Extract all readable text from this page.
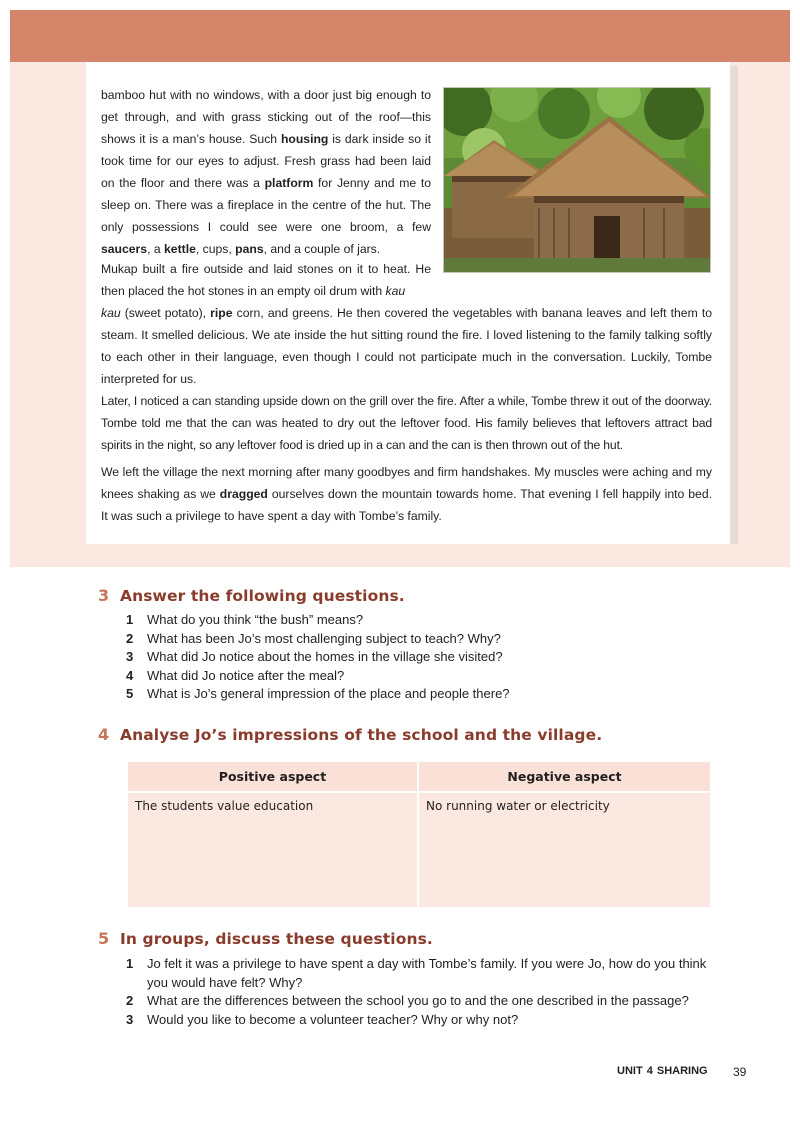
bamboo hut with no windows, with a door just big enough to get through, and with grass sticking out of the roof—this shows it is a man’s house. Such housing is dark inside so it took time for our eyes to adjust. Fresh grass had been laid on the floor and there was a platform for Jenny and me to sleep on. There was a fireplace in the centre of the hut. The only possessions I could see were one broom, a few saucers, a kettle, cups, pans, and a couple of jars.
Mukap built a fire outside and laid stones on it to heat. He then placed the hot stones in an empty oil drum with kau
kau (sweet potato), ripe corn, and greens. He then covered the vegetables with banana leaves and left them to steam. It smelled delicious. We ate inside the hut sitting round the fire. I loved listening to the family talking softly to each other in their language, even though I could not participate much in the conversation. Luckily, Tombe interpreted for us.
Later, I noticed a can standing upside down on the grill over the fire. After a while, Tombe threw it out of the doorway. Tombe told me that the can was heated to dry out the leftover food. His family believes that leftovers attract bad spirits in the night, so any leftover food is dried up in a can and the can is then thrown out of the hut.
We left the village the next morning after many goodbyes and firm handshakes. My muscles were aching and my knees shaking as we dragged ourselves down the mountain towards home. That evening I fell happily into bed. It was such a privilege to have spent a day with Tombe’s family.
3 Answer the following questions.
1	What do you think “the bush” means?
2	What has been Jo’s most challenging subject to teach? Why?
3	What did Jo notice about the homes in the village she visited?
4	What did Jo notice after the meal?
5	What is Jo’s general impression of the place and people there?
4 Analyse Jo’s impressions of the school and the village.
Positive aspect	Negative aspect
The students value education	No running water or electricity
5 In groups, discuss these questions.
1	Jo felt it was a privilege to have spent a day with Tombe’s family. If you were Jo, how do you think you would have felt? Why?
2	What are the differences between the school you go to and the one described in the passage?
3	Would you like to become a volunteer teacher? Why or why not?
UNIT 4 SHARING 39
